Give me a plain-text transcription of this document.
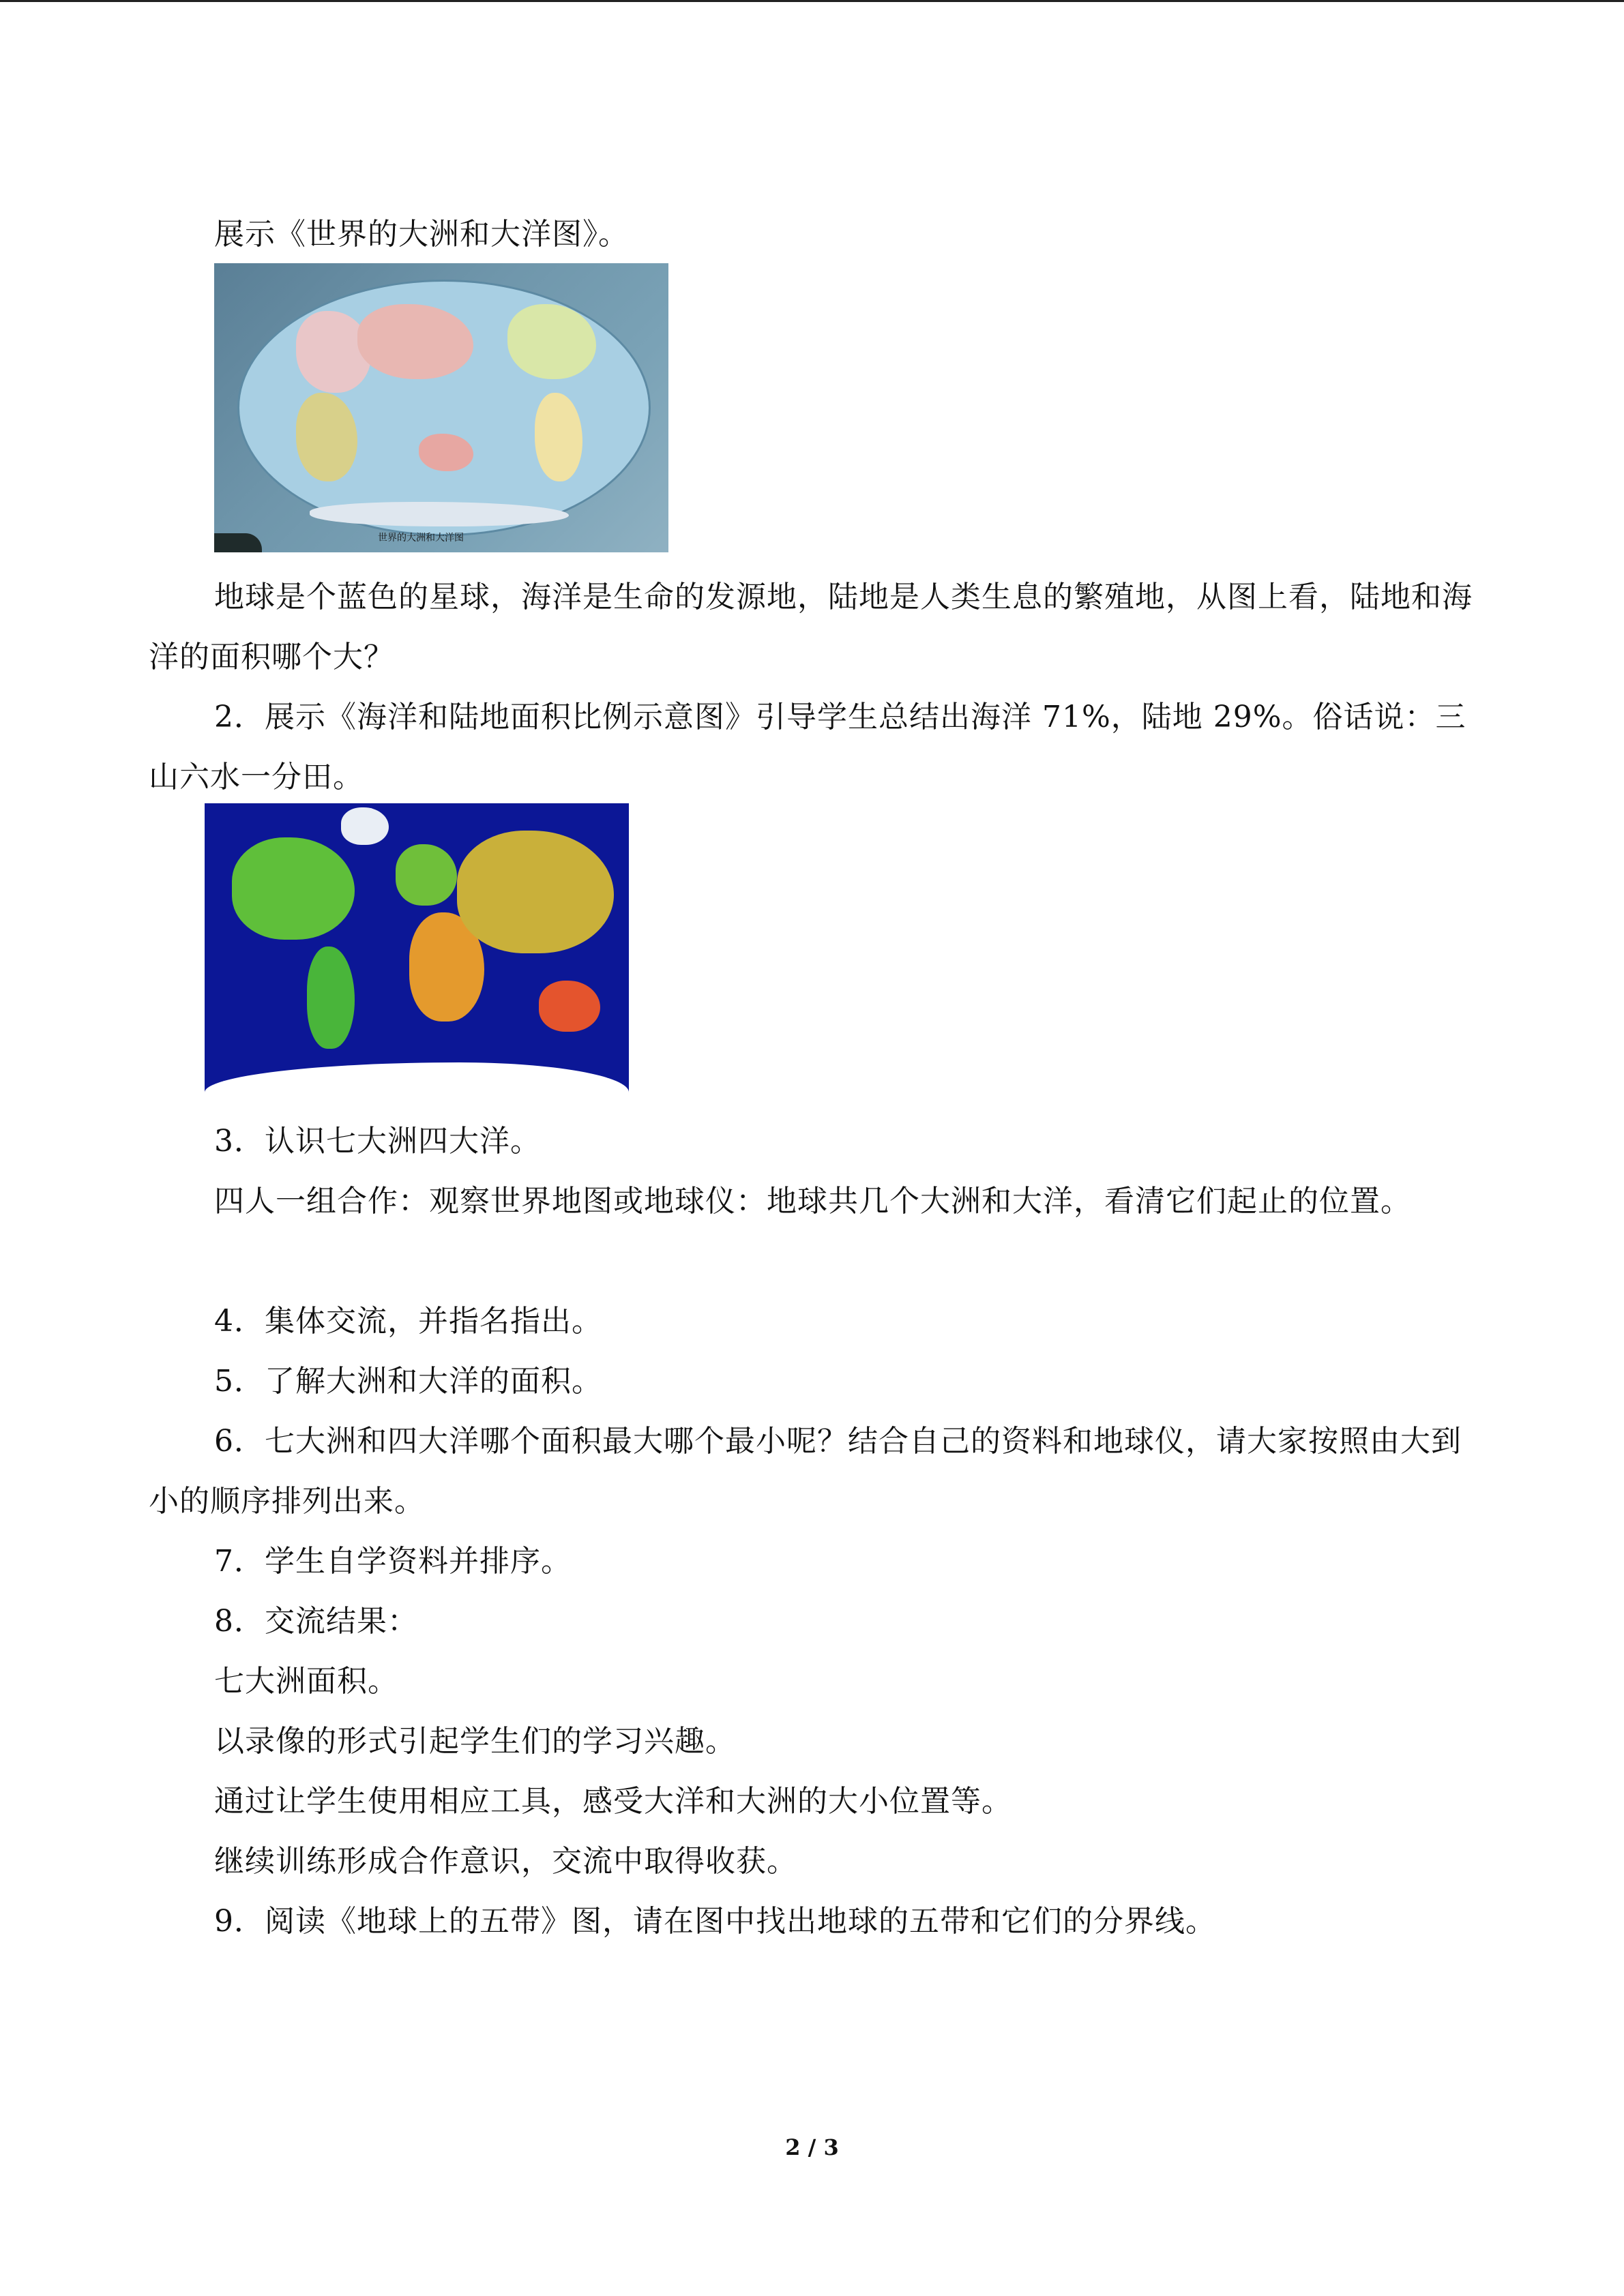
展示《世界的大洲和大洋图》。

世界的大洲和大洋图

地球是个蓝色的星球，海洋是生命的发源地，陆地是人类生息的繁殖地，从图上看，陆地和海洋的面积哪个大？

2．展示《海洋和陆地面积比例示意图》引导学生总结出海洋 71%，陆地 29%。俗话说：三山六水一分田。

3．认识七大洲四大洋。

四人一组合作：观察世界地图或地球仪：地球共几个大洲和大洋，看清它们起止的位置。

4．集体交流，并指名指出。

5．了解大洲和大洋的面积。

6．七大洲和四大洋哪个面积最大哪个最小呢？结合自己的资料和地球仪，请大家按照由大到小的顺序排列出来。

7．学生自学资料并排序。

8．交流结果：

七大洲面积。

以录像的形式引起学生们的学习兴趣。

通过让学生使用相应工具，感受大洋和大洲的大小位置等。

继续训练形成合作意识，交流中取得收获。

9．阅读《地球上的五带》图，请在图中找出地球的五带和它们的分界线。

2 / 3
